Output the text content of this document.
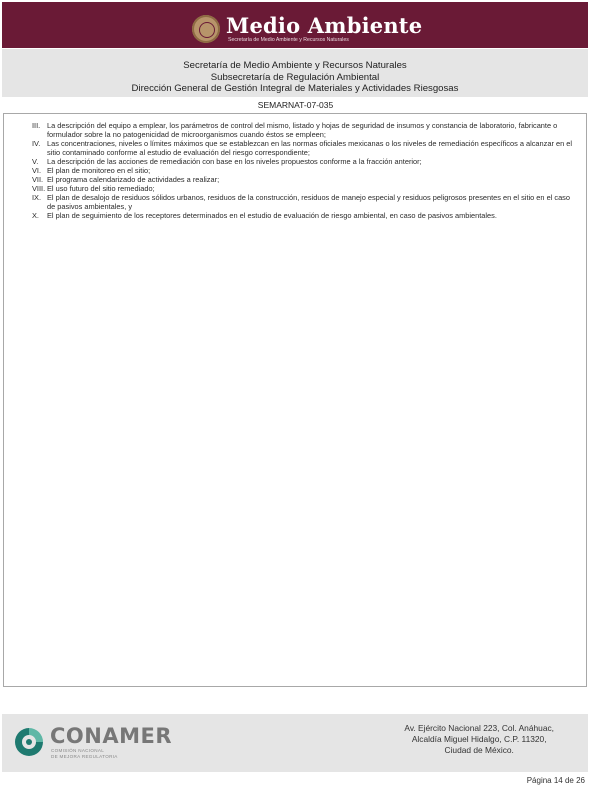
Medio Ambiente
Secretaría de Medio Ambiente y Recursos Naturales
Secretaría de Medio Ambiente y Recursos Naturales
Subsecretaría de Regulación Ambiental
Dirección General de Gestión Integral de Materiales y Actividades Riesgosas
SEMARNAT-07-035
III. La descripción del equipo a emplear, los parámetros de control del mismo, listado y hojas de seguridad de insumos y constancia de laboratorio, fabricante o formulador sobre la no patogenicidad de microorganismos cuando éstos se empleen;
IV. Las concentraciones, niveles o límites máximos que se establezcan en las normas oficiales mexicanas o los niveles de remediación específicos a alcanzar en el sitio contaminado conforme al estudio de evaluación del riesgo correspondiente;
V.	La descripción de las acciones de remediación con base en los niveles propuestos conforme a la fracción anterior;
VI. El plan de monitoreo en el sitio;
VII. El programa calendarizado de actividades a realizar;
VIII. El uso futuro del sitio remediado;
IX. El plan de desalojo de residuos sólidos urbanos, residuos de la construcción, residuos de manejo especial y residuos peligrosos presentes en el sitio en el caso de pasivos ambientales, y
X.	El plan de seguimiento de los receptores determinados en el estudio de evaluación de riesgo ambiental, en caso de pasivos ambientales.
CONAMER
COMISIÓN NACIONAL
DE MEJORA REGULATORIA
Av. Ejército Nacional 223, Col. Anáhuac,
Alcaldía Miguel Hidalgo, C.P. 11320,
Ciudad de México.
Página 14 de 26
